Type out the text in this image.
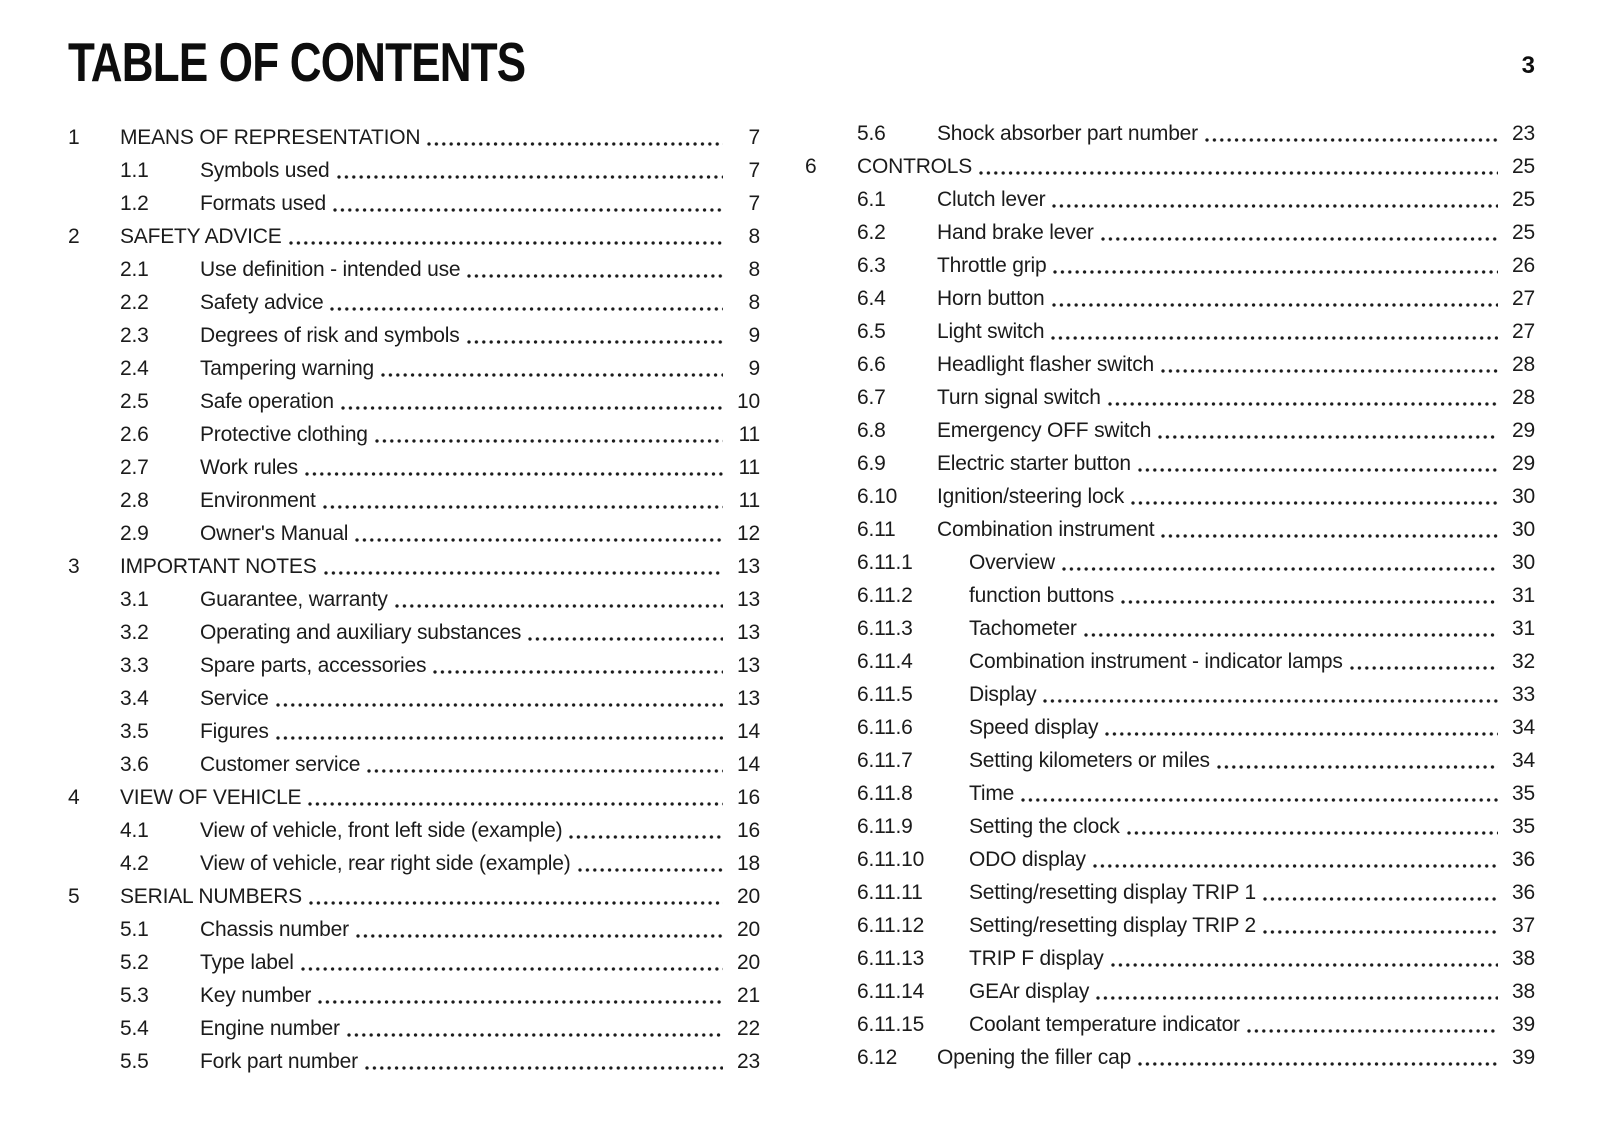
TABLE OF CONTENTS	3
1	MEANS OF REPRESENTATION	7
1.1	Symbols used	7
1.2	Formats used	7
2	SAFETY ADVICE	8
2.1	Use definition - intended use	8
2.2	Safety advice	8
2.3	Degrees of risk and symbols	9
2.4	Tampering warning	9
2.5	Safe operation	10
2.6	Protective clothing	11
2.7	Work rules	11
2.8	Environment	11
2.9	Owner's Manual	12
3	IMPORTANT NOTES	13
3.1	Guarantee, warranty	13
3.2	Operating and auxiliary substances	13
3.3	Spare parts, accessories	13
3.4	Service	13
3.5	Figures	14
3.6	Customer service	14
4	VIEW OF VEHICLE	16
4.1	View of vehicle, front left side (example)	16
4.2	View of vehicle, rear right side (example)	18
5	SERIAL NUMBERS	20
5.1	Chassis number	20
5.2	Type label	20
5.3	Key number	21
5.4	Engine number	22
5.5	Fork part number	23
5.6	Shock absorber part number	23
6	CONTROLS	25
6.1	Clutch lever	25
6.2	Hand brake lever	25
6.3	Throttle grip	26
6.4	Horn button	27
6.5	Light switch	27
6.6	Headlight flasher switch	28
6.7	Turn signal switch	28
6.8	Emergency OFF switch	29
6.9	Electric starter button	29
6.10	Ignition/steering lock	30
6.11	Combination instrument	30
6.11.1	Overview	30
6.11.2	function buttons	31
6.11.3	Tachometer	31
6.11.4	Combination instrument - indicator lamps	32
6.11.5	Display	33
6.11.6	Speed display	34
6.11.7	Setting kilometers or miles	34
6.11.8	Time	35
6.11.9	Setting the clock	35
6.11.10	ODO display	36
6.11.11	Setting/resetting display TRIP 1	36
6.11.12	Setting/resetting display TRIP 2	37
6.11.13	TRIP F display	38
6.11.14	GEAr display	38
6.11.15	Coolant temperature indicator	39
6.12	Opening the filler cap	39
